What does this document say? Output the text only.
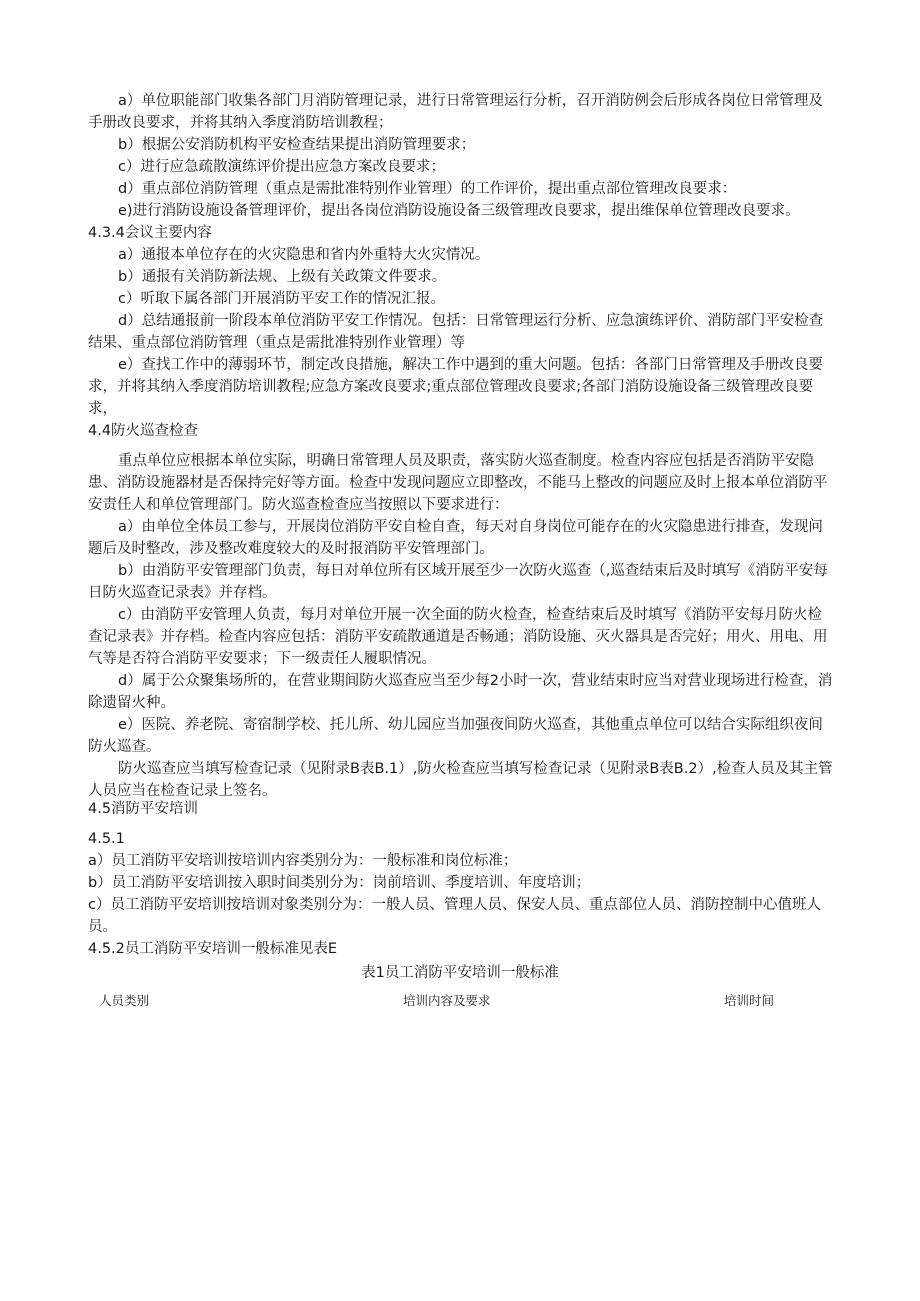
a）单位职能部门收集各部门月消防管理记录，进行日常管理运行分析，召开消防例会后形成各岗位日常管理及手册改良要求，并将其纳入季度消防培训教程；

b）根据公安消防机构平安检查结果提出消防管理要求；

c）进行应急疏散演练评价提出应急方案改良要求；

d）重点部位消防管理（重点是需批准特别作业管理）的工作评价，提出重点部位管理改良要求：

e)进行消防设施设备管理评价，提出各岗位消防设施设备三级管理改良要求，提出维保单位管理改良要求。

4.3.4会议主要内容

a）通报本单位存在的火灾隐患和省内外重特大火灾情况。

b）通报有关消防新法规、上级有关政策文件要求。

c）听取下属各部门开展消防平安工作的情况汇报。

d）总结通报前一阶段本单位消防平安工作情况。包括：日常管理运行分析、应急演练评价、消防部门平安检查结果、重点部位消防管理（重点是需批准特别作业管理）等

e）查找工作中的薄弱环节，制定改良措施，解决工作中遇到的重大问题。包括：各部门日常管理及手册改良要求，并将其纳入季度消防培训教程;应急方案改良要求;重点部位管理改良要求;各部门消防设施设备三级管理改良要求，

4.4防火巡查检查

重点单位应根据本单位实际，明确日常管理人员及职责，落实防火巡查制度。检查内容应包括是否消防平安隐患、消防设施器材是否保持完好等方面。检查中发现问题应立即整改，不能马上整改的问题应及时上报本单位消防平安责任人和单位管理部门。防火巡查检查应当按照以下要求进行：

a）由单位全体员工参与，开展岗位消防平安自检自查，每天对自身岗位可能存在的火灾隐患进行排查，发现问题后及时整改，涉及整改难度较大的及时报消防平安管理部门。

b）由消防平安管理部门负责，每日对单位所有区域开展至少一次防火巡查（,巡查结束后及时填写《消防平安每日防火巡查记录表》并存档。

c）由消防平安管理人负责，每月对单位开展一次全面的防火检查，检查结束后及时填写《消防平安每月防火检查记录表》并存档。检查内容应包括：消防平安疏散通道是否畅通；消防设施、灭火器具是否完好；用火、用电、用气等是否符合消防平安要求；下一级责任人履职情况。

d）属于公众聚集场所的，在营业期间防火巡查应当至少每2小时一次，营业结束时应当对营业现场进行检查，消除遗留火种。

e）医院、养老院、寄宿制学校、托儿所、幼儿园应当加强夜间防火巡查，其他重点单位可以结合实际组织夜间防火巡查。

防火巡查应当填写检查记录（见附录B表B.1）,防火检查应当填写检查记录（见附录B表B.2）,检查人员及其主管人员应当在检查记录上签名。

4.5消防平安培训

4.5.1

a）员工消防平安培训按培训内容类别分为：一般标准和岗位标准；

b）员工消防平安培训按入职时间类别分为：岗前培训、季度培训、年度培训；

c）员工消防平安培训按培训对象类别分为：一般人员、管理人员、保安人员、重点部位人员、消防控制中心值班人员。

4.5.2员工消防平安培训一般标准见表E

表1员工消防平安培训一般标准
人员类别	培训内容及要求	培训时间
